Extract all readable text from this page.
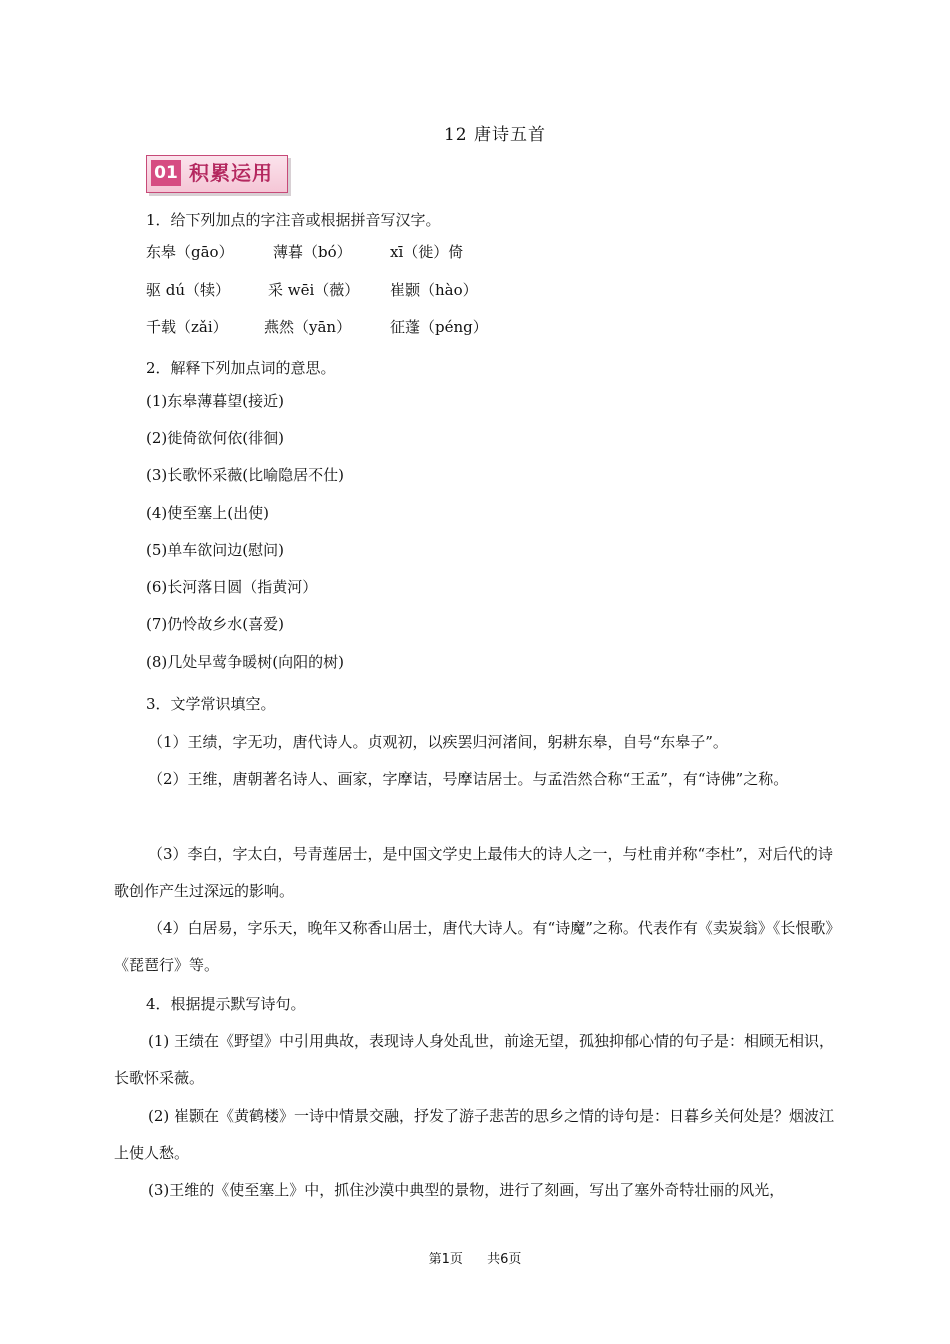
12 唐诗五首
01 积累运用
1．给下列加点的字注音或根据拼音写汉字。
东皋（gāo）	薄暮（bó）	xī（徙）倚
驱 dú（犊）	采 wēi（薇） 崔颢（hào）
千载（zǎi） 燕然（yān）	征蓬（péng）
2．解释下列加点词的意思。
(1)东皋薄暮望(接近)
(2)徙倚欲何依(徘徊)
(3)长歌怀采薇(比喻隐居不仕)
(4)使至塞上(出使)
(5)单车欲问边(慰问)
(6)长河落日圆（指黄河）
(7)仍怜故乡水(喜爱)
(8)几处早莺争暖树(向阳的树)
3．文学常识填空。
（1）王绩，字无功，唐代诗人。贞观初，以疾罢归河渚间，躬耕东皋，自号“东皋子”。
（2）王维，唐朝著名诗人、画家，字摩诘，号摩诘居士。与孟浩然合称“王孟”，有“诗佛”之称。
（3）李白，字太白，号青莲居士，是中国文学史上最伟大的诗人之一，与杜甫并称“李杜”，对后代的诗歌创作产生过深远的影响。
（4）白居易，字乐天，晚年又称香山居士，唐代大诗人。有“诗魔”之称。代表作有《卖炭翁》《长恨歌》《琵琶行》等。
4．根据提示默写诗句。
(1) 王绩在《野望》中引用典故，表现诗人身处乱世，前途无望，孤独抑郁心情的句子是：相顾无相识，长歌怀采薇。
(2) 崔颢在《黄鹤楼》一诗中情景交融，抒发了游子悲苦的思乡之情的诗句是：日暮乡关何处是？烟波江上使人愁。
(3)王维的《使至塞上》中，抓住沙漠中典型的景物，进行了刻画，写出了塞外奇特壮丽的风光，
第1页 共6页
